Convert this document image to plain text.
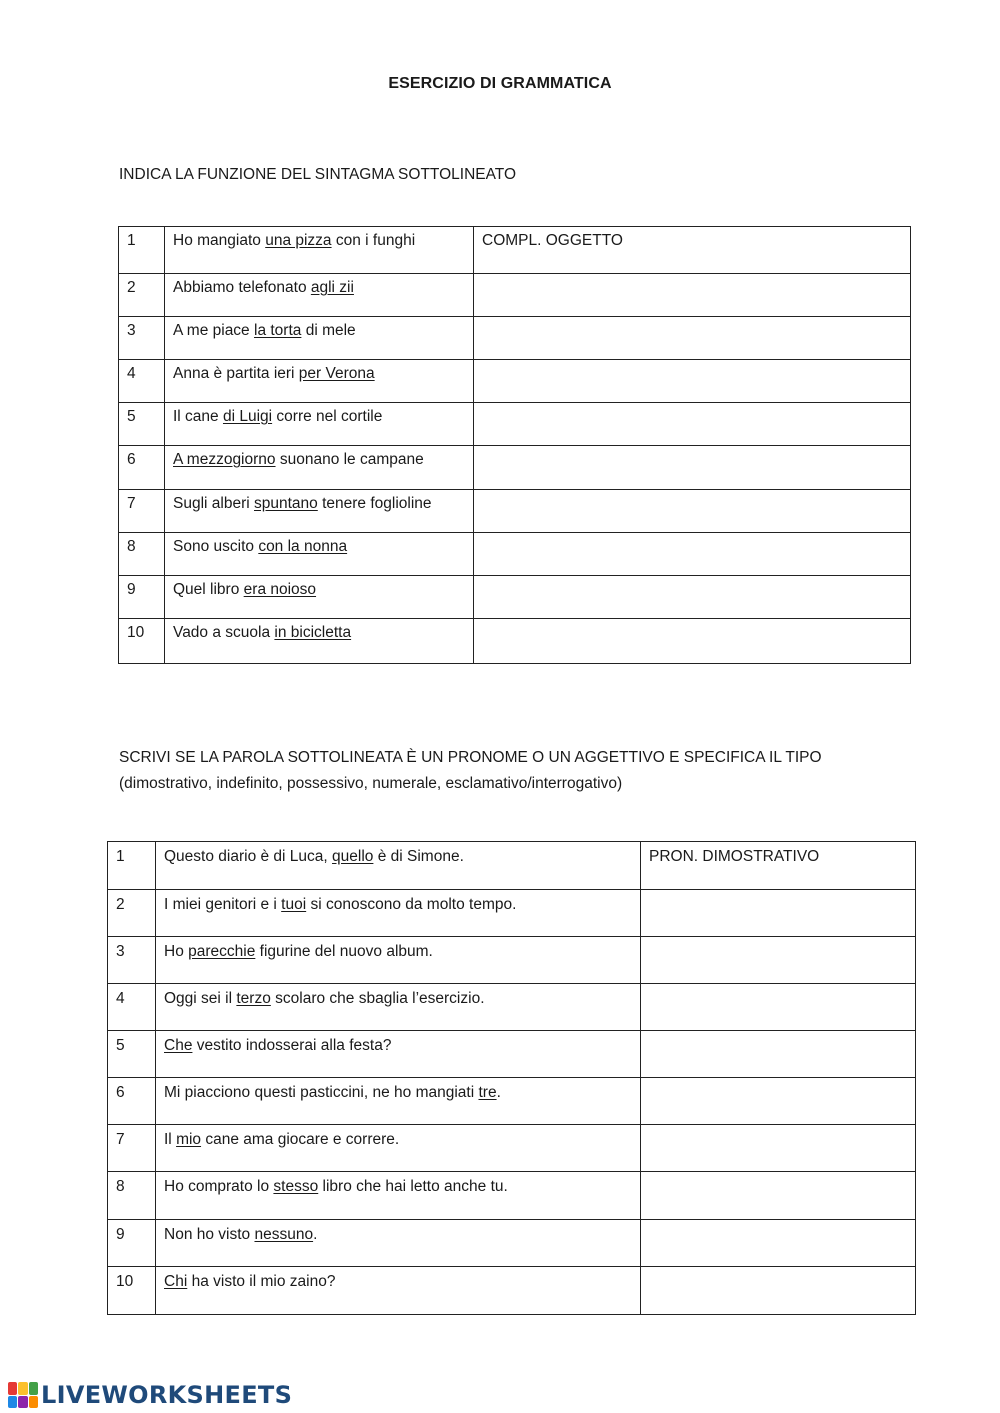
ESERCIZIO DI GRAMMATICA
INDICA LA FUNZIONE DEL SINTAGMA SOTTOLINEATO
1	Ho mangiato una pizza con i funghi	COMPL. OGGETTO
2	Abbiamo telefonato agli zii	
3	A me piace la torta di mele	
4	Anna è partita ieri per Verona	
5	Il cane di Luigi corre nel cortile	
6	A mezzogiorno suonano le campane	
7	Sugli alberi spuntano tenere foglioline	
8	Sono uscito con la nonna	
9	Quel libro era noioso	
10	Vado a scuola in bicicletta	
SCRIVI SE LA PAROLA SOTTOLINEATA È UN PRONOME O UN AGGETTIVO E SPECIFICA IL TIPO
(dimostrativo, indefinito, possessivo, numerale, esclamativo/interrogativo)
1	Questo diario è di Luca, quello è di Simone.	PRON. DIMOSTRATIVO
2	I miei genitori e i tuoi si conoscono da molto tempo.	
3	Ho parecchie figurine del nuovo album.	
4	Oggi sei il terzo scolaro che sbaglia l’esercizio.	
5	Che vestito indosserai alla festa?	
6	Mi piacciono questi pasticcini, ne ho mangiati tre.	
7	Il mio cane ama giocare e correre.	
8	Ho comprato lo stesso libro che hai letto anche tu.	
9	Non ho visto nessuno.	
10	Chi ha visto il mio zaino?	
LIVEWORKSHEETS
